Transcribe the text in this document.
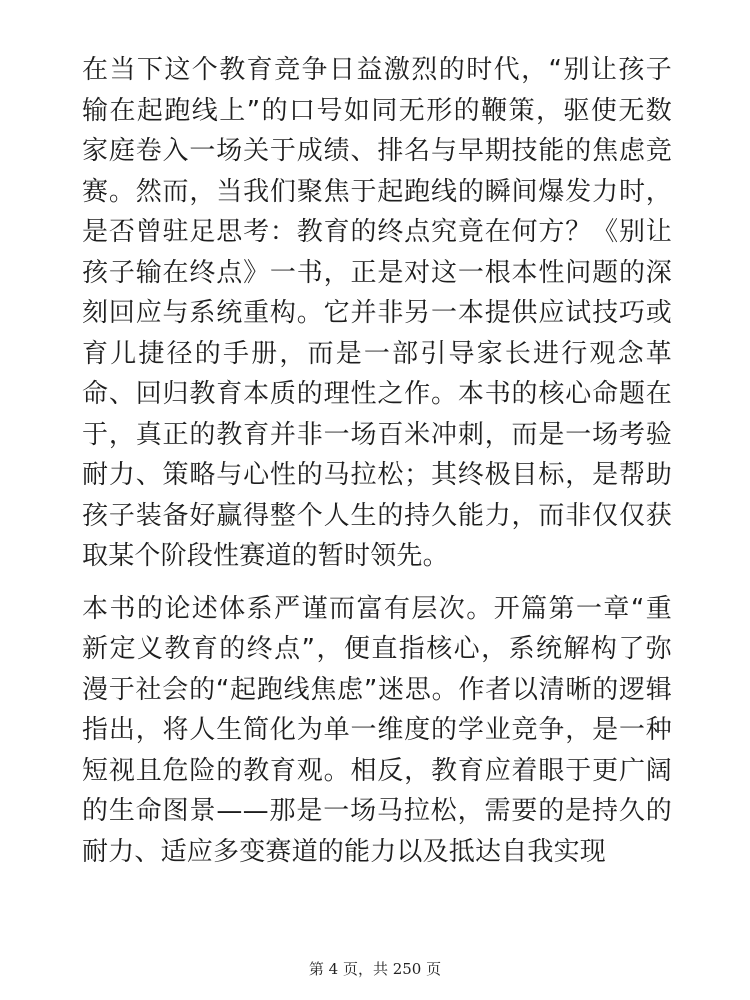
在当下这个教育竞争日益激烈的时代，“别让孩子输在起跑线上”的口号如同无形的鞭策，驱使无数家庭卷入一场关于成绩、排名与早期技能的焦虑竞赛。然而，当我们聚焦于起跑线的瞬间爆发力时，是否曾驻足思考：教育的终点究竟在何方？《别让孩子输在终点》一书，正是对这一根本性问题的深刻回应与系统重构。它并非另一本提供应试技巧或育儿捷径的手册，而是一部引导家长进行观念革命、回归教育本质的理性之作。本书的核心命题在于，真正的教育并非一场百米冲刺，而是一场考验耐力、策略与心性的马拉松；其终极目标，是帮助孩子装备好赢得整个人生的持久能力，而非仅仅获取某个阶段性赛道的暂时领先。

本书的论述体系严谨而富有层次。开篇第一章“重新定义教育的终点”，便直指核心，系统解构了弥漫于社会的“起跑线焦虑”迷思。作者以清晰的逻辑指出，将人生简化为单一维度的学业竞争，是一种短视且危险的教育观。相反，教育应着眼于更广阔的生命图景——那是一场马拉松，需要的是持久的耐力、适应多变赛道的能力以及抵达自我实现

第 4 页，共 250 页
